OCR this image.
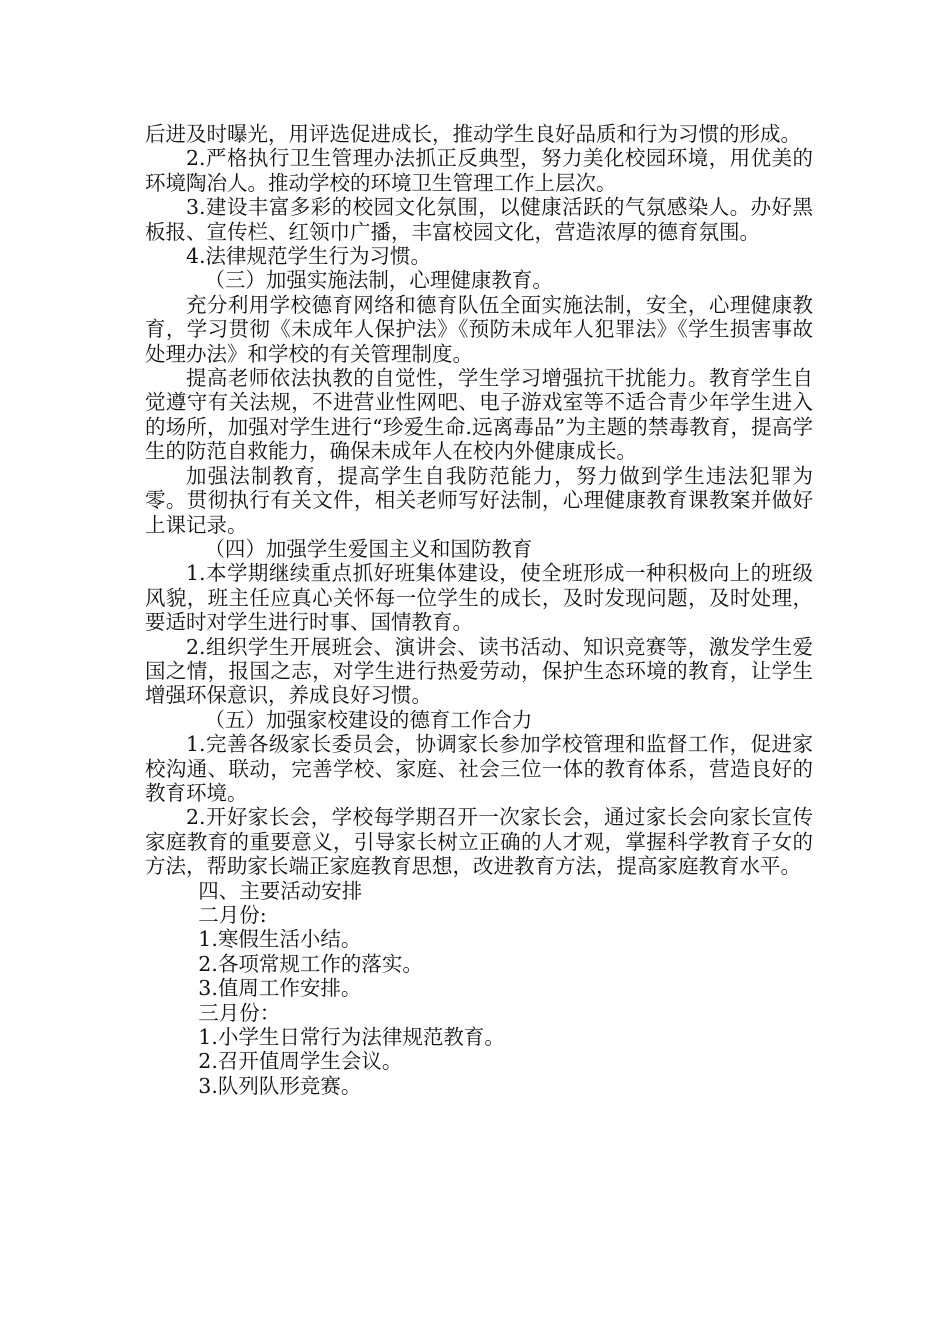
后进及时曝光，用评选促进成长，推动学生良好品质和行为习惯的形成。

2.严格执行卫生管理办法抓正反典型，努力美化校园环境，用优美的环境陶冶人。推动学校的环境卫生管理工作上层次。

3.建设丰富多彩的校园文化氛围，以健康活跃的气氛感染人。办好黑板报、宣传栏、红领巾广播，丰富校园文化，营造浓厚的德育氛围。

4.法律规范学生行为习惯。

（三）加强实施法制，心理健康教育。

充分利用学校德育网络和德育队伍全面实施法制，安全，心理健康教育，学习贯彻《未成年人保护法》《预防未成年人犯罪法》《学生损害事故处理办法》和学校的有关管理制度。

提高老师依法执教的自觉性，学生学习增强抗干扰能力。教育学生自觉遵守有关法规，不进营业性网吧、电子游戏室等不适合青少年学生进入的场所，加强对学生进行“珍爱生命.远离毒品”为主题的禁毒教育，提高学生的防范自救能力，确保未成年人在校内外健康成长。

加强法制教育，提高学生自我防范能力，努力做到学生违法犯罪为零。贯彻执行有关文件，相关老师写好法制，心理健康教育课教案并做好上课记录。

（四）加强学生爱国主义和国防教育

1.本学期继续重点抓好班集体建设，使全班形成一种积极向上的班级风貌，班主任应真心关怀每一位学生的成长，及时发现问题，及时处理，要适时对学生进行时事、国情教育。

2.组织学生开展班会、演讲会、读书活动、知识竞赛等，激发学生爱国之情，报国之志，对学生进行热爱劳动，保护生态环境的教育，让学生增强环保意识，养成良好习惯。

（五）加强家校建设的德育工作合力

1.完善各级家长委员会，协调家长参加学校管理和监督工作，促进家校沟通、联动，完善学校、家庭、社会三位一体的教育体系，营造良好的教育环境。

2.开好家长会，学校每学期召开一次家长会，通过家长会向家长宣传家庭教育的重要意义，引导家长树立正确的人才观，掌握科学教育子女的方法，帮助家长端正家庭教育思想，改进教育方法，提高家庭教育水平。

四、主要活动安排

二月份:

1.寒假生活小结。

2.各项常规工作的落实。

3.值周工作安排。

三月份：

1.小学生日常行为法律规范教育。

2.召开值周学生会议。

3.队列队形竞赛。
